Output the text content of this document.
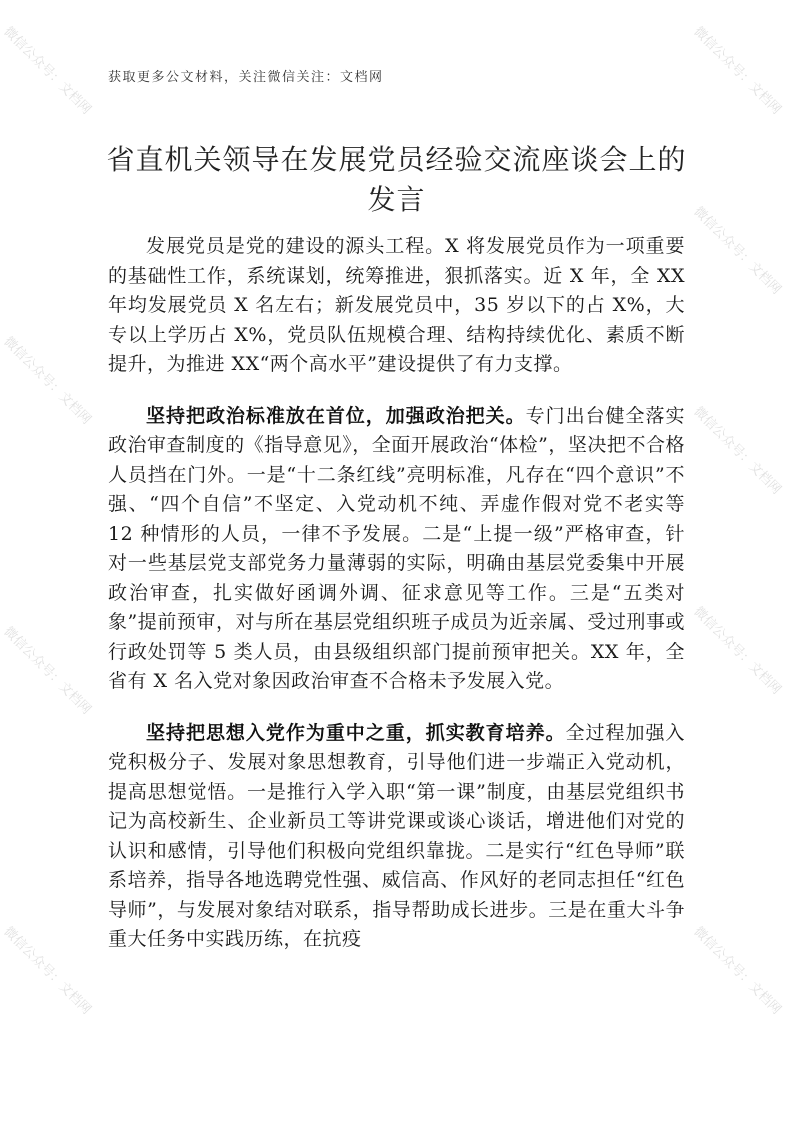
微信公众号：文档网
微信公众号：文档网
微信公众号：文档网
微信公众号：文档网
微信公众号：文档网
微信公众号：文档网
微信公众号：文档网
微信公众号：文档网
微信公众号：文档网
获取更多公文材料，关注微信关注：文档网
省直机关领导在发展党员经验交流座谈会上的
发言

发展党员是党的建设的源头工程。X 将发展党员作为一项重要的基础性工作，系统谋划，统筹推进，狠抓落实。近 X 年，全 XX 年均发展党员 X 名左右；新发展党员中，35 岁以下的占 X%，大专以上学历占 X%，党员队伍规模合理、结构持续优化、素质不断提升，为推进 XX“两个高水平”建设提供了有力支撑。

坚持把政治标准放在首位，加强政治把关。专门出台健全落实政治审查制度的《指导意见》，全面开展政治“体检”，坚决把不合格人员挡在门外。一是“十二条红线”亮明标准，凡存在“四个意识”不强、“四个自信”不坚定、入党动机不纯、弄虚作假对党不老实等 12 种情形的人员，一律不予发展。二是“上提一级”严格审查，针对一些基层党支部党务力量薄弱的实际，明确由基层党委集中开展政治审查，扎实做好函调外调、征求意见等工作。三是“五类对象”提前预审，对与所在基层党组织班子成员为近亲属、受过刑事或行政处罚等 5 类人员，由县级组织部门提前预审把关。XX 年，全省有 X 名入党对象因政治审查不合格未予发展入党。

坚持把思想入党作为重中之重，抓实教育培养。全过程加强入党积极分子、发展对象思想教育，引导他们进一步端正入党动机，提高思想觉悟。一是推行入学入职“第一课”制度，由基层党组织书记为高校新生、企业新员工等讲党课或谈心谈话，增进他们对党的认识和感情，引导他们积极向党组织靠拢。二是实行“红色导师”联系培养，指导各地选聘党性强、威信高、作风好的老同志担任“红色导师”，与发展对象结对联系，指导帮助成长进步。三是在重大斗争重大任务中实践历练，在抗疫
